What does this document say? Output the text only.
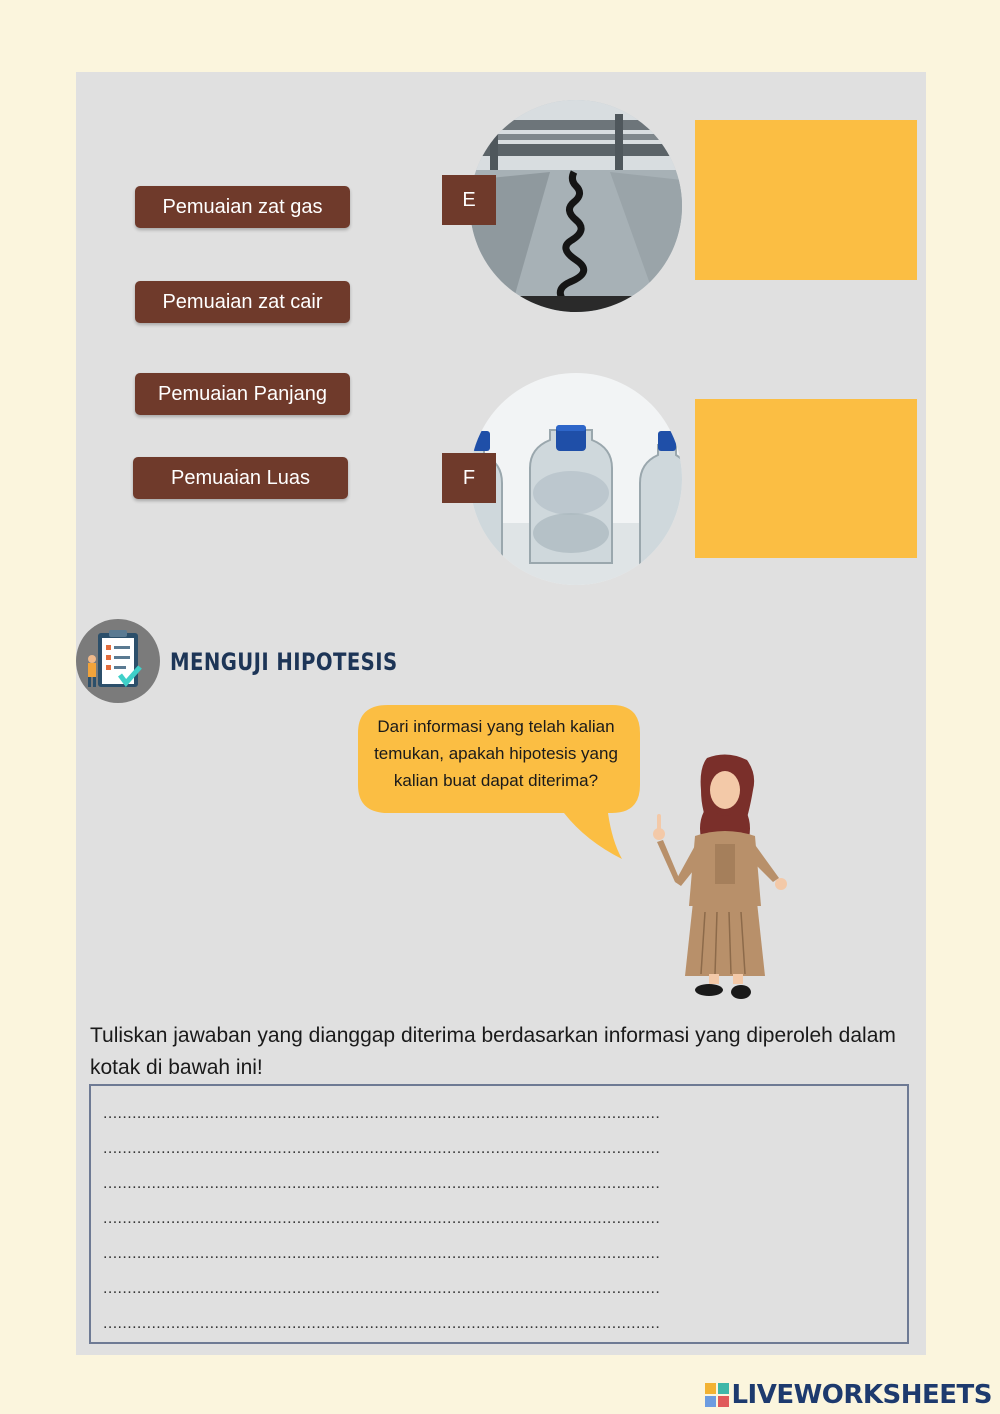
Pemuaian zat gas
Pemuaian zat cair
Pemuaian Panjang
Pemuaian Luas
E
F
MENGUJI HIPOTESIS
Dari informasi yang telah kalian temukan, apakah hipotesis yang kalian buat dapat diterima?
Tuliskan jawaban yang dianggap diterima berdasarkan informasi yang diperoleh dalam kotak di bawah ini!
...................................................................................................................
...................................................................................................................
...................................................................................................................
...................................................................................................................
...................................................................................................................
...................................................................................................................
...................................................................................................................
LIVEWORKSHEETS
